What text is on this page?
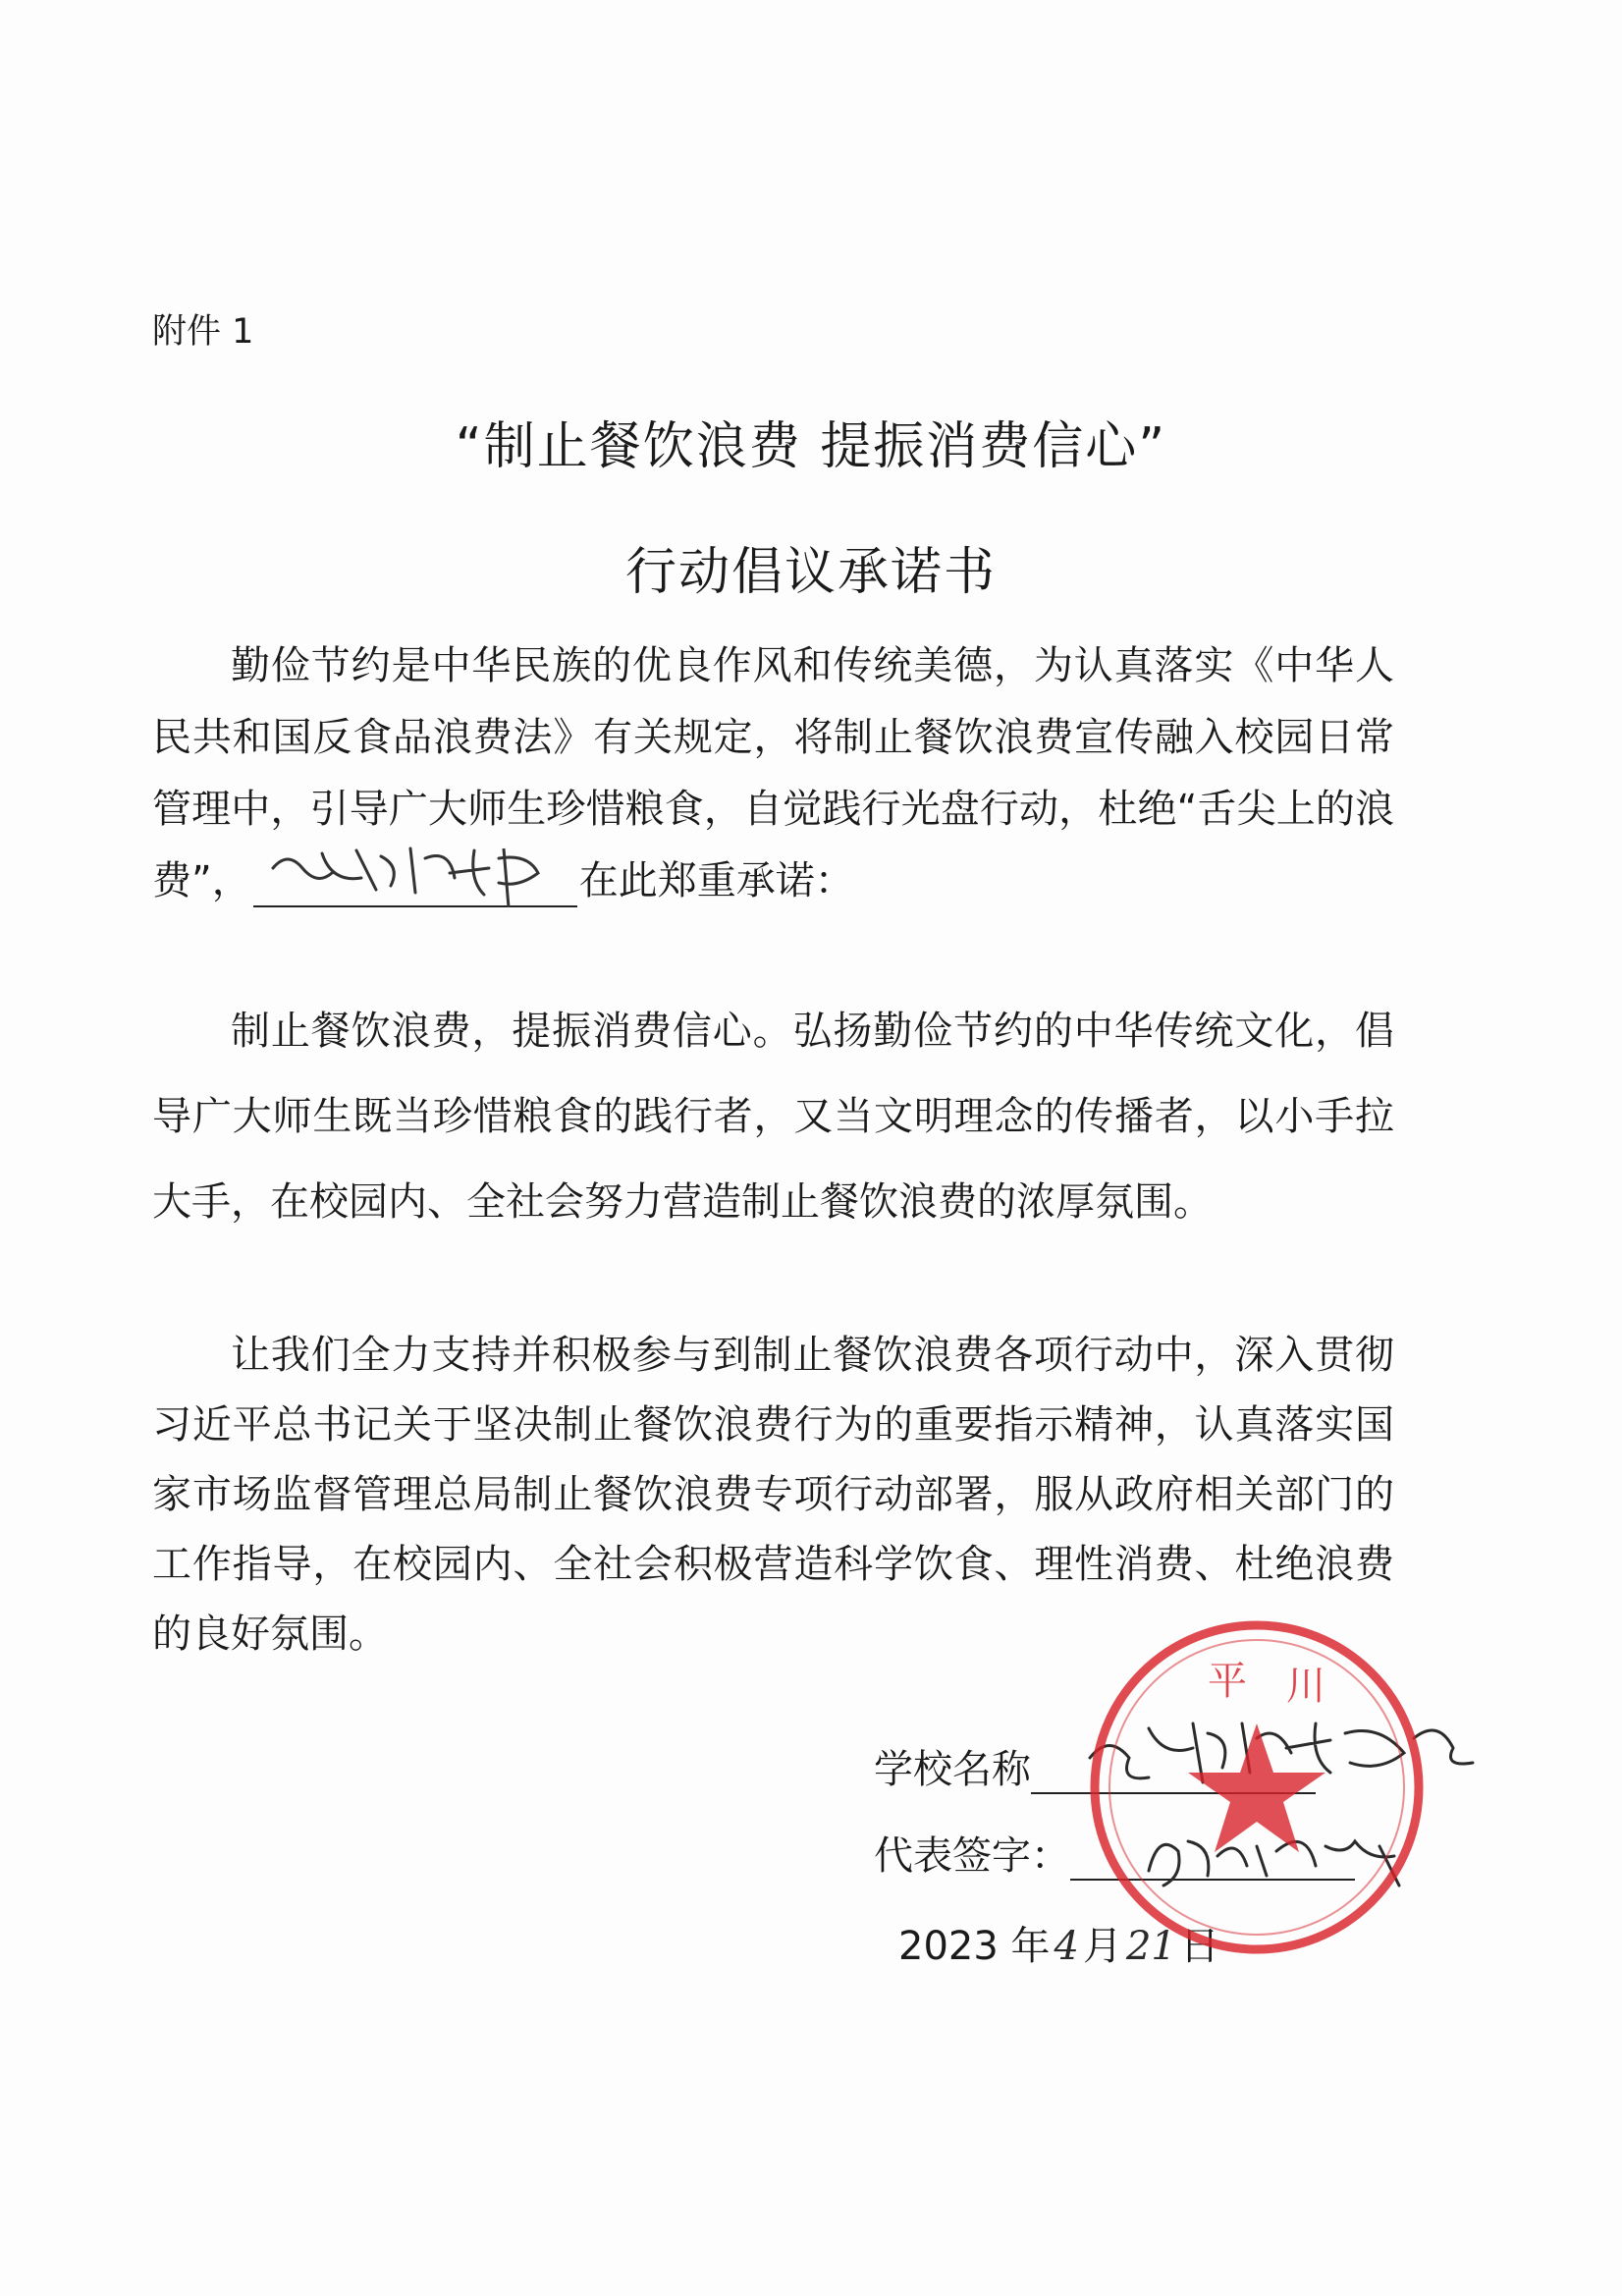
附件 1
“制止餐饮浪费 提振消费信心”
行动倡议承诺书

勤俭节约是中华民族的优良作风和传统美德，为认真落实《中华人民共和国反食品浪费法》有关规定，将制止餐饮浪费宣传融入校园日常管理中，引导广大师生珍惜粮食，自觉践行光盘行动，杜绝“舌尖上的浪费”，	在此郑重承诺：

制止餐饮浪费，提振消费信心。弘扬勤俭节约的中华传统文化，倡导广大师生既当珍惜粮食的践行者，又当文明理念的传播者，以小手拉大手，在校园内、全社会努力营造制止餐饮浪费的浓厚氛围。

让我们全力支持并积极参与到制止餐饮浪费各项行动中，深入贯彻习近平总书记关于坚决制止餐饮浪费行为的重要指示精神，认真落实国家市场监督管理总局制止餐饮浪费专项行动部署，服从政府相关部门的工作指导，在校园内、全社会积极营造科学饮食、理性消费、杜绝浪费的良好氛围。

学校名称
代表签字：
2023 年 4 月 21 日
平 川
